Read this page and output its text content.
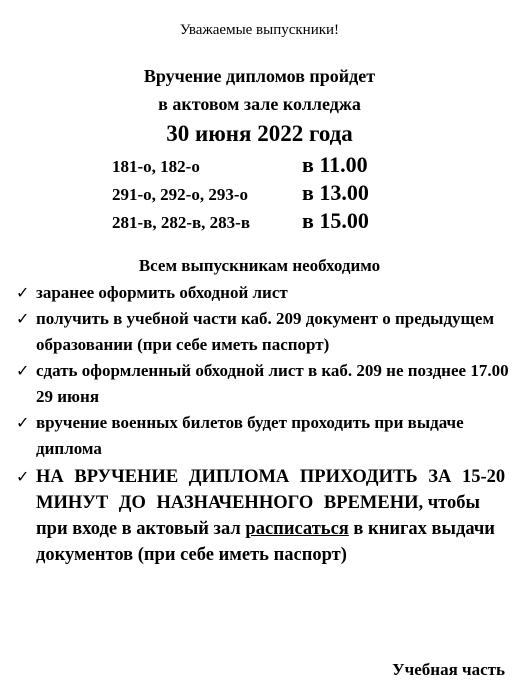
Уважаемые выпускники!
Вручение дипломов пройдет
в актовом зале колледжа
30 июня 2022 года
181-о, 182-о	в 11.00
291-о, 292-о, 293-о в 13.00
281-в, 282-в, 283-в в 15.00
Всем выпускникам необходимо
✓ заранее оформить обходной лист
✓ получить в учебной части каб. 209 документ о предыдущем образовании (при себе иметь паспорт)
✓ сдать оформленный обходной лист в каб. 209 не позднее 17.00 29 июня
✓ вручение военных билетов будет проходить при выдаче диплома
✓ НА ВРУЧЕНИЕ ДИПЛОМА ПРИХОДИТЬ ЗА 15-20 МИНУТ ДО НАЗНАЧЕННОГО ВРЕМЕНИ, чтобы при входе в актовый зал расписаться в книгах выдачи документов (при себе иметь паспорт)
Учебная часть
